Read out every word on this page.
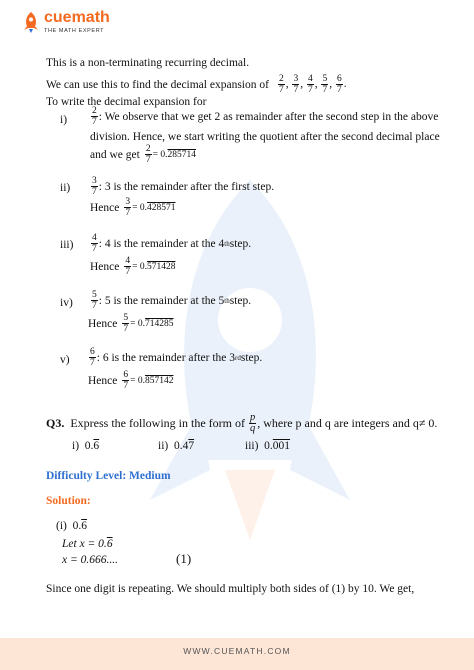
cuemath
THE MATH EXPERT
This is a non-terminating recurring decimal.
We can use this to find the decimal expansion of $\frac{2}{7}$ , $\frac{3}{7}$ , $\frac{4}{7}$ , $\frac{5}{7}$ , $\frac{6}{7}$ .
To write the decimal expansion for
i)	$\frac{2}{7}$ : We observe that we get 2 as remainder after the second step in the above
division. Hence, we start writing the quotient after the second decimal place
and we get $\frac{2}{7} = 0.285714$
$ii) \frac{3}{7}$ : 3 is the remainder after the first step.
Hence $\frac{3}{7} = 0.428571$
$iii) \frac{4}{7}$ : 4 is the remainder at the 4 th step.
Hence $\frac{4}{7} = 0.571428$
$iv) \frac{5}{7}$ : 5 is the remainder at the 5 th step.
Hence $\frac{5}{7} = 0.714285$
$v) \frac{6}{7}$ : 6 is the remainder after the 3 rd step.
Hence $\frac{6}{7} = 0.857142$
Q3. Express the following in the form of $\frac{p}{q}$ , where p and q are integers and q≠ 0.
i) 0.6	ii) 0.47	iii) 0.001
Difficulty Level: Medium
Solution:
(i) 0.6
Let x = 0.6
x = 0.666....	(1)
Since one digit is repeating. We should multiply both sides of (1) by 10. We get,
WWW.CUEMATH.COM
